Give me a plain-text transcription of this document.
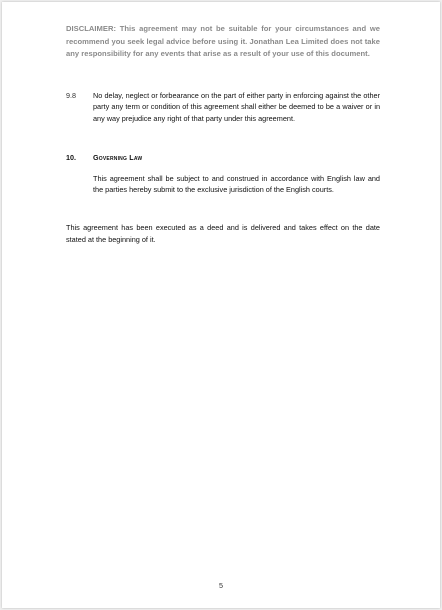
DISCLAIMER: This agreement may not be suitable for your circumstances and we recommend you seek legal advice before using it. Jonathan Lea Limited does not take any responsibility for any events that arise as a result of your use of this document.
9.8 No delay, neglect or forbearance on the part of either party in enforcing against the other party any term or condition of this agreement shall either be deemed to be a waiver or in any way prejudice any right of that party under this agreement.
10. Governing Law
This agreement shall be subject to and construed in accordance with English law and the parties hereby submit to the exclusive jurisdiction of the English courts.
This agreement has been executed as a deed and is delivered and takes effect on the date stated at the beginning of it.
5
